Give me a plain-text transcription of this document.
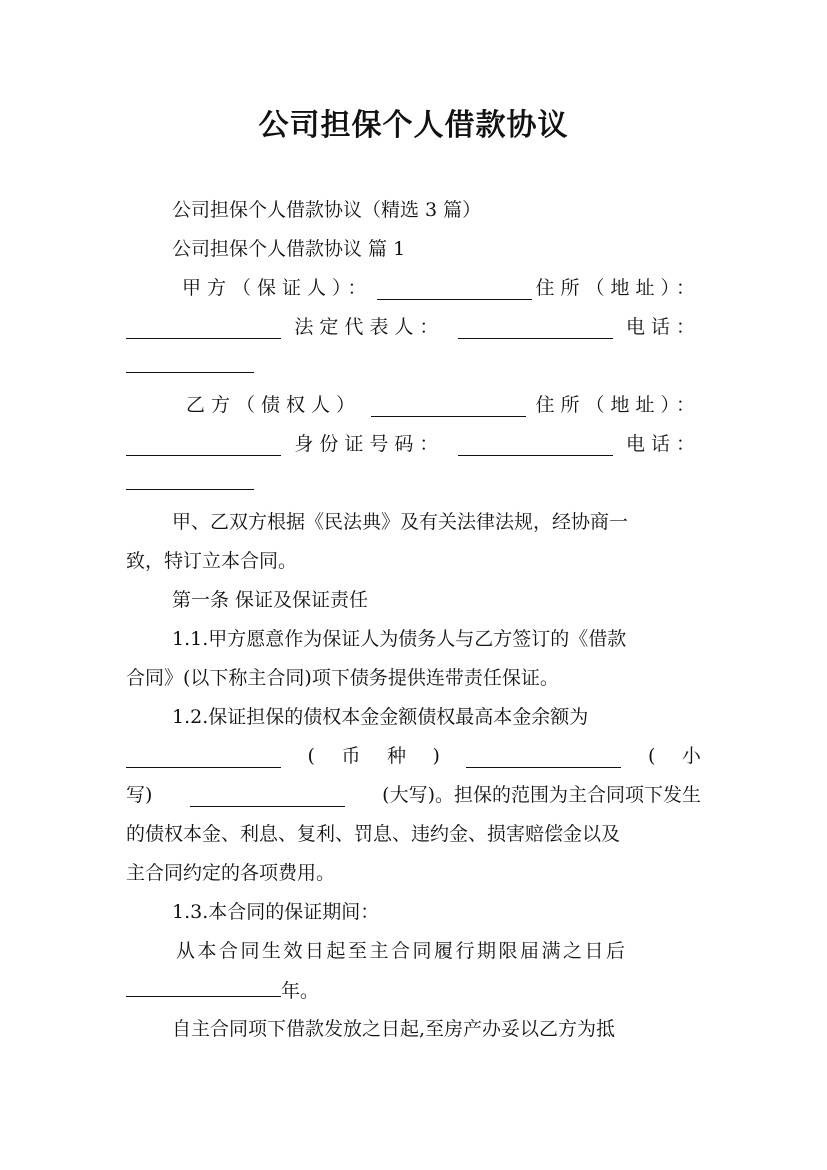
公司担保个人借款协议
公司担保个人借款协议（精选 3 篇）
公司担保个人借款协议 篇 1
甲方（保证人）：	住所（地址）：
法定代表人：	电话：
乙方（债权人）	住所（地址）：
身份证号码：	电话：
甲、乙双方根据《民法典》及有关法律法规，经协商一
致，特订立本合同。
第一条 保证及保证责任
1.1.甲方愿意作为保证人为债务人与乙方签订的《借款
合同》(以下称主合同)项下债务提供连带责任保证。
1.2.保证担保的债权本金金额债权最高本金余额为
( 币 种 )	( 小
写)	(大写)。担保的范围为主合同项下发生
的债权本金、利息、复利、罚息、违约金、损害赔偿金以及
主合同约定的各项费用。
1.3.本合同的保证期间：
从本合同生效日起至主合同履行期限届满之日后
年。
自主合同项下借款发放之日起,至房产办妥以乙方为抵
